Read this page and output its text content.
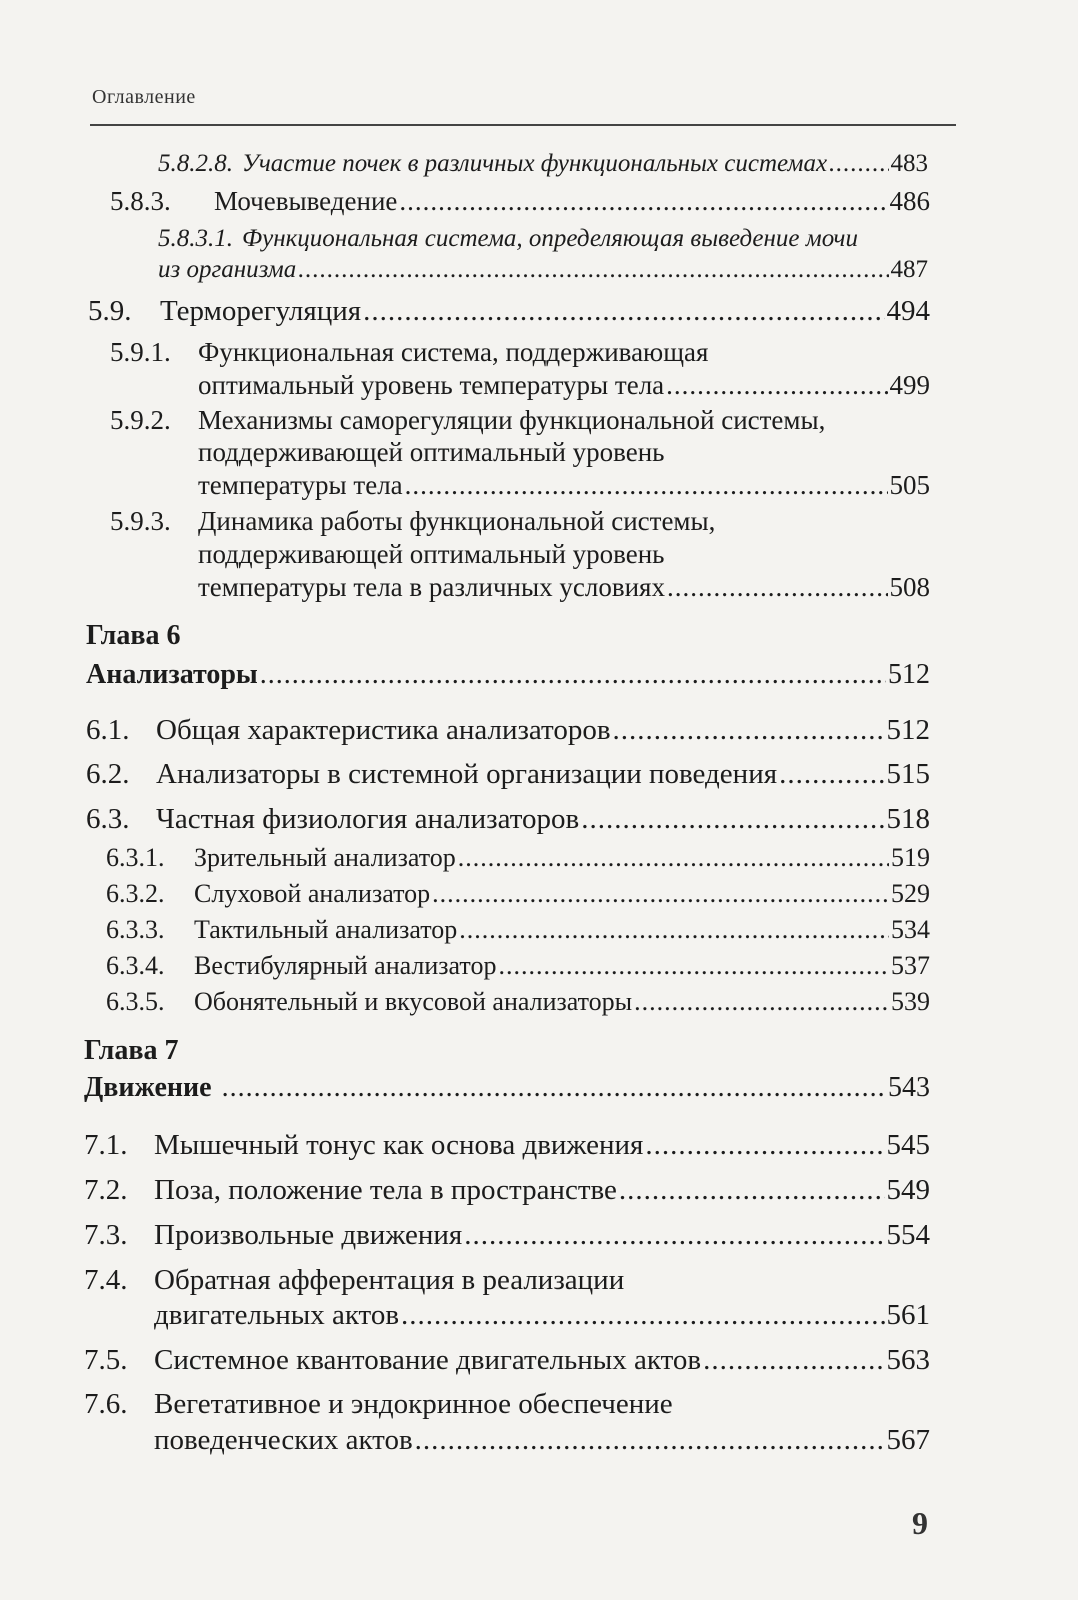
Оглавление
5.8.2.8. Участие почек в различных функциональных системах .....	483
5.8.3.	Мочевыведение .....	486
5.8.3.1. Функциональная система, определяющая выведение мочи
из организма .....	487
5.9. Терморегуляция .....	494
5.9.1. Функциональная система, поддерживающая
оптимальный уровень температуры тела .....	499
5.9.2. Механизмы саморегуляции функциональной системы,
поддерживающей оптимальный уровень
температуры тела .....	505
5.9.3. Динамика работы функциональной системы,
поддерживающей оптимальный уровень
температуры тела в различных условиях .....	508
Глава 6
Анализаторы .....	512
6.1. Общая характеристика анализаторов .....	512
6.2. Анализаторы в системной организации поведения .....	515
6.3. Частная физиология анализаторов .....	518
6.3.1.	Зрительный анализатор .....	519
6.3.2.	Слуховой анализатор .....	529
6.3.3.	Тактильный анализатор .....	534
6.3.4.	Вестибулярный анализатор .....	537
6.3.5.	Обонятельный и вкусовой анализаторы .....	539
Глава 7
Движение .....	543
7.1. Мышечный тонус как основа движения .....	545
7.2. Поза, положение тела в пространстве .....	549
7.3. Произвольные движения .....	554
7.4. Обратная афферентация в реализации
двигательных актов .....	561
7.5. Системное квантование двигательных актов .....	563
7.6. Вегетативное и эндокринное обеспечение
поведенческих актов .....	567
9
